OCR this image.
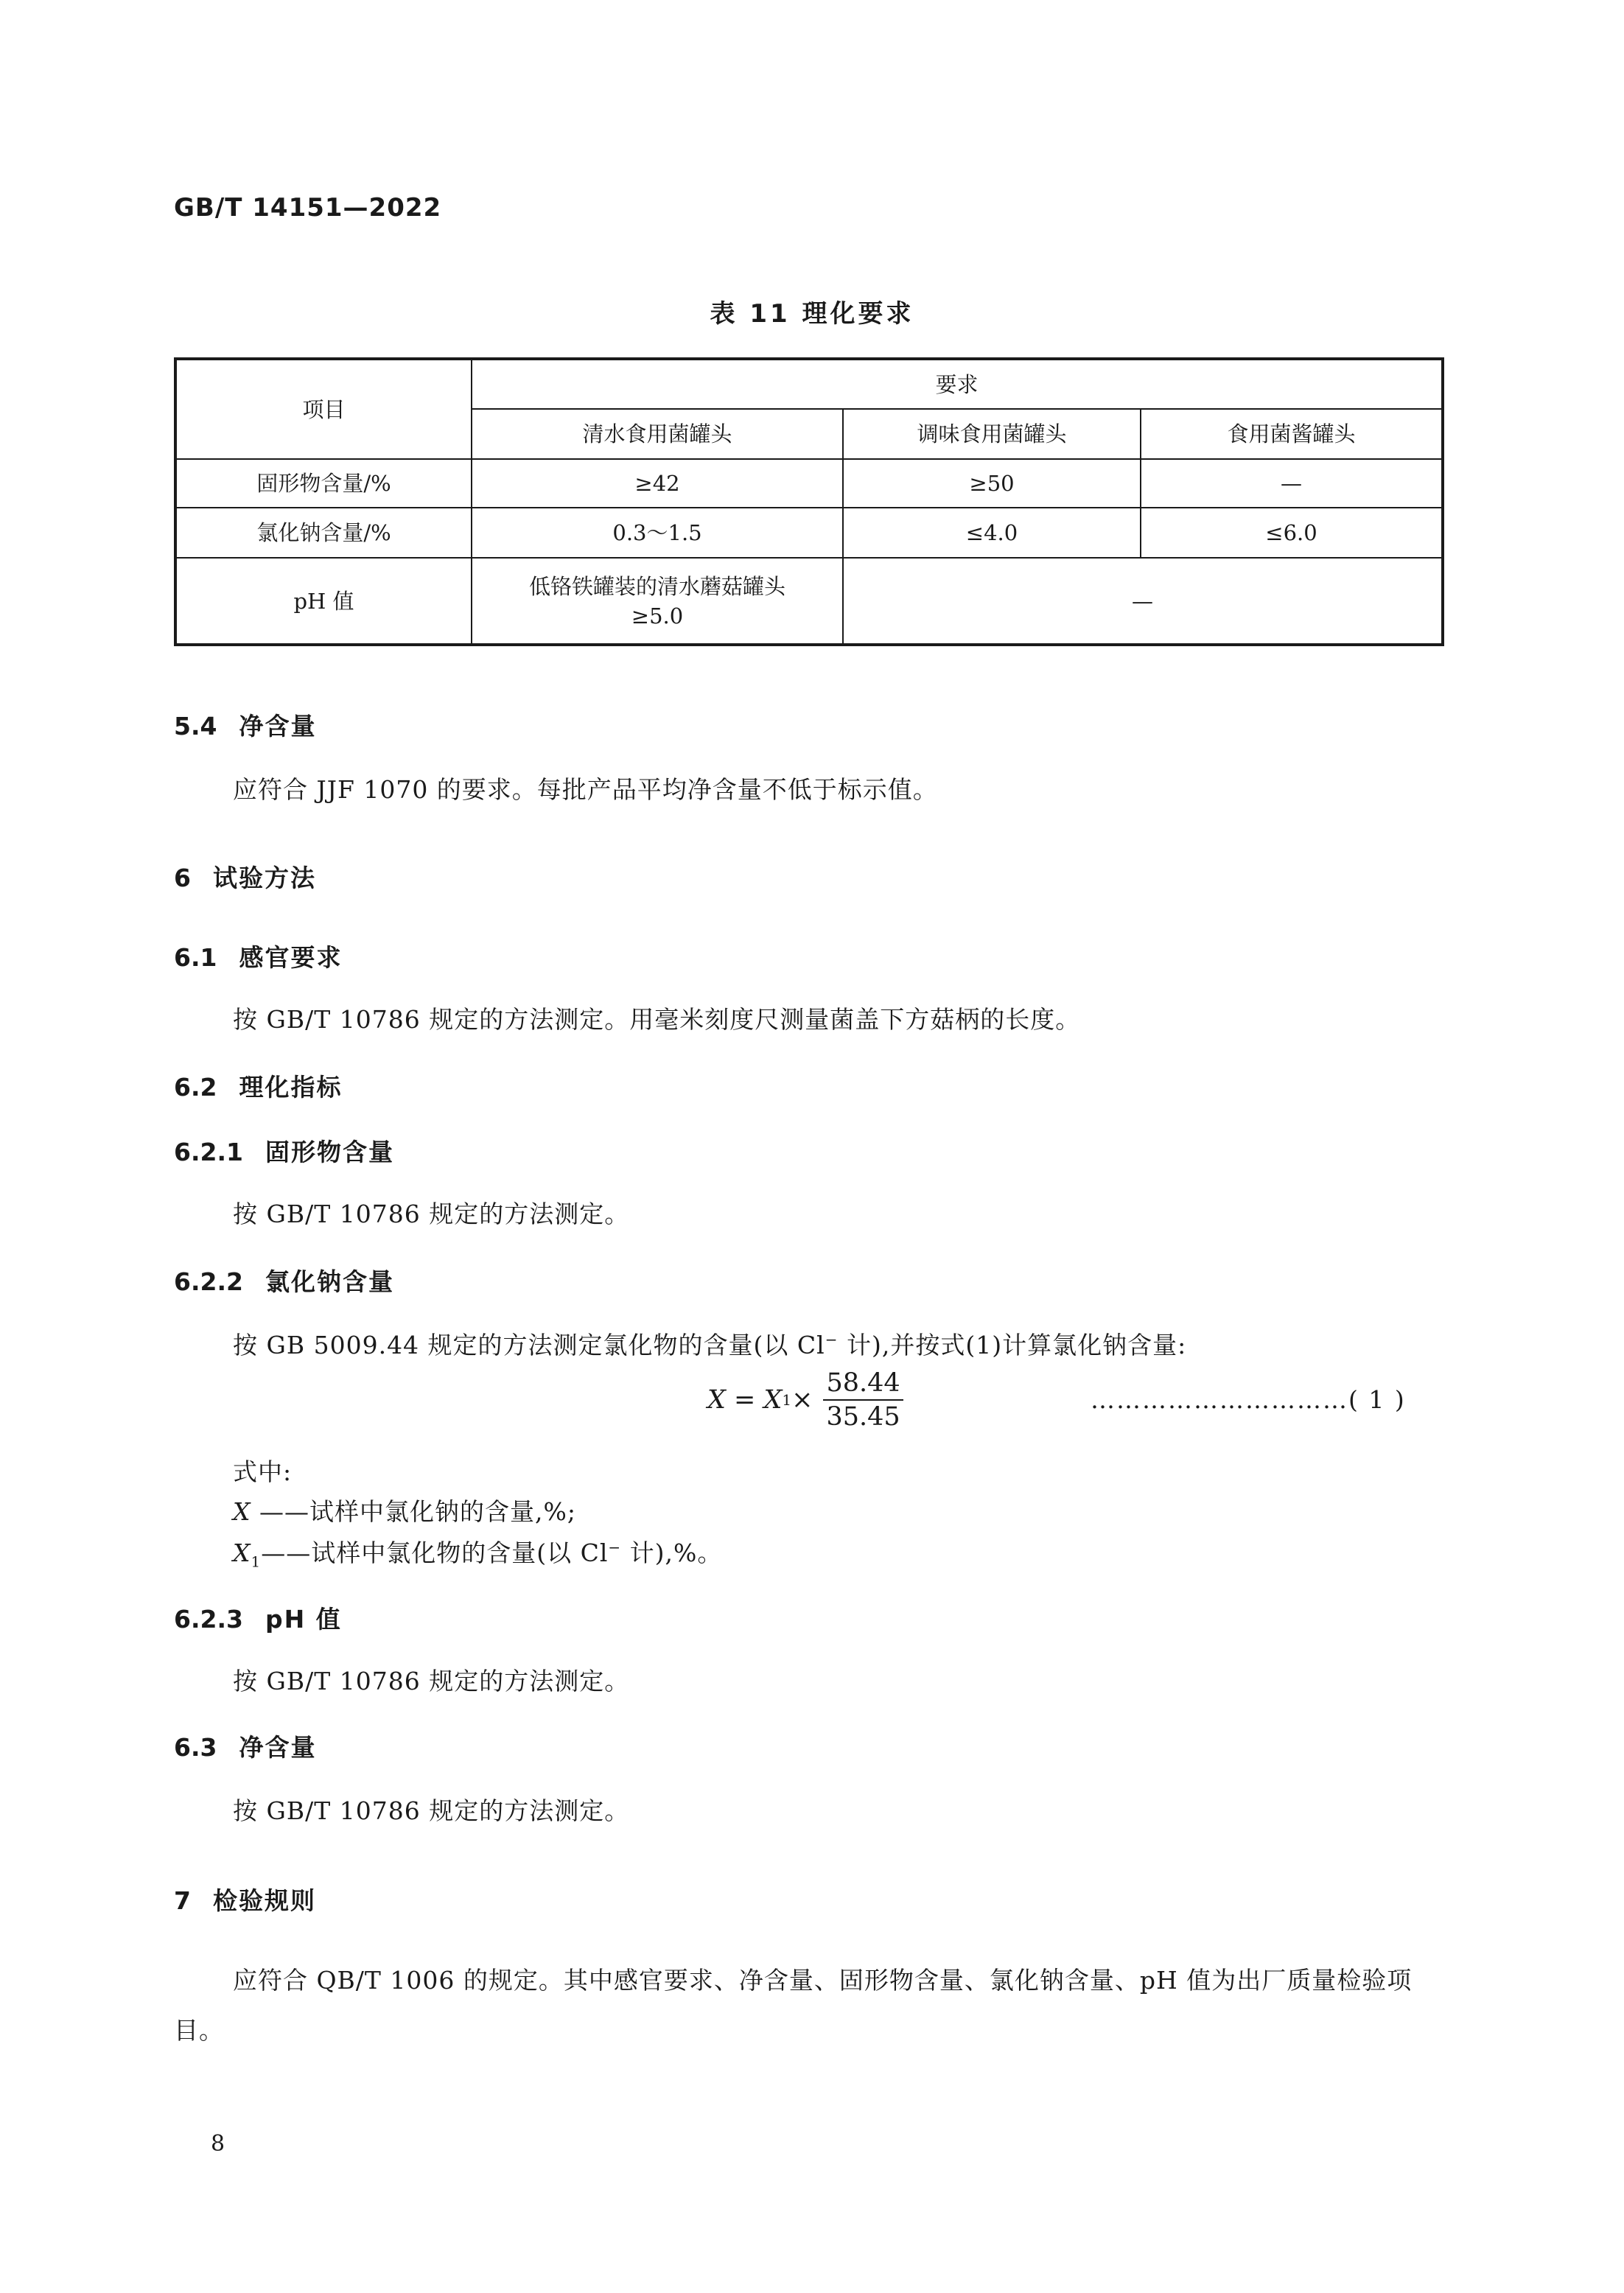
GB/T 14151—2022
表 11 理化要求
项目	要求		
	清水食用菌罐头	调味食用菌罐头	食用菌酱罐头
固形物含量/%	≥42	≥50	—
氯化钠含量/%	0.3～1.5	≤4.0	≤6.0
pH 值	低铬铁罐装的清水蘑菇罐头
≥5.0	—	
5.4 净含量
应符合 JJF 1070 的要求。每批产品平均净含量不低于标示值。
6 试验方法
6.1 感官要求
按 GB/T 10786 规定的方法测定。用毫米刻度尺测量菌盖下方菇柄的长度。
6.2 理化指标
6.2.1 固形物含量
按 GB/T 10786 规定的方法测定。
6.2.2 氯化钠含量
按 GB 5009.44 规定的方法测定氯化物的含量(以 Cl− 计),并按式(1)计算氯化钠含量:
X = X $1 \times \frac{58.44}{35.45}$	…………………………( 1 )
式中:
X ——试样中氯化钠的含量,%;
$X_1——$试样中氯化物的含量(以 Cl− 计),%。
6.2.3 pH 值
按 GB/T 10786 规定的方法测定。
6.3 净含量
按 GB/T 10786 规定的方法测定。
7 检验规则
应符合 QB/T 1006 的规定。其中感官要求、净含量、固形物含量、氯化钠含量、pH 值为出厂质量检验项目。
8
